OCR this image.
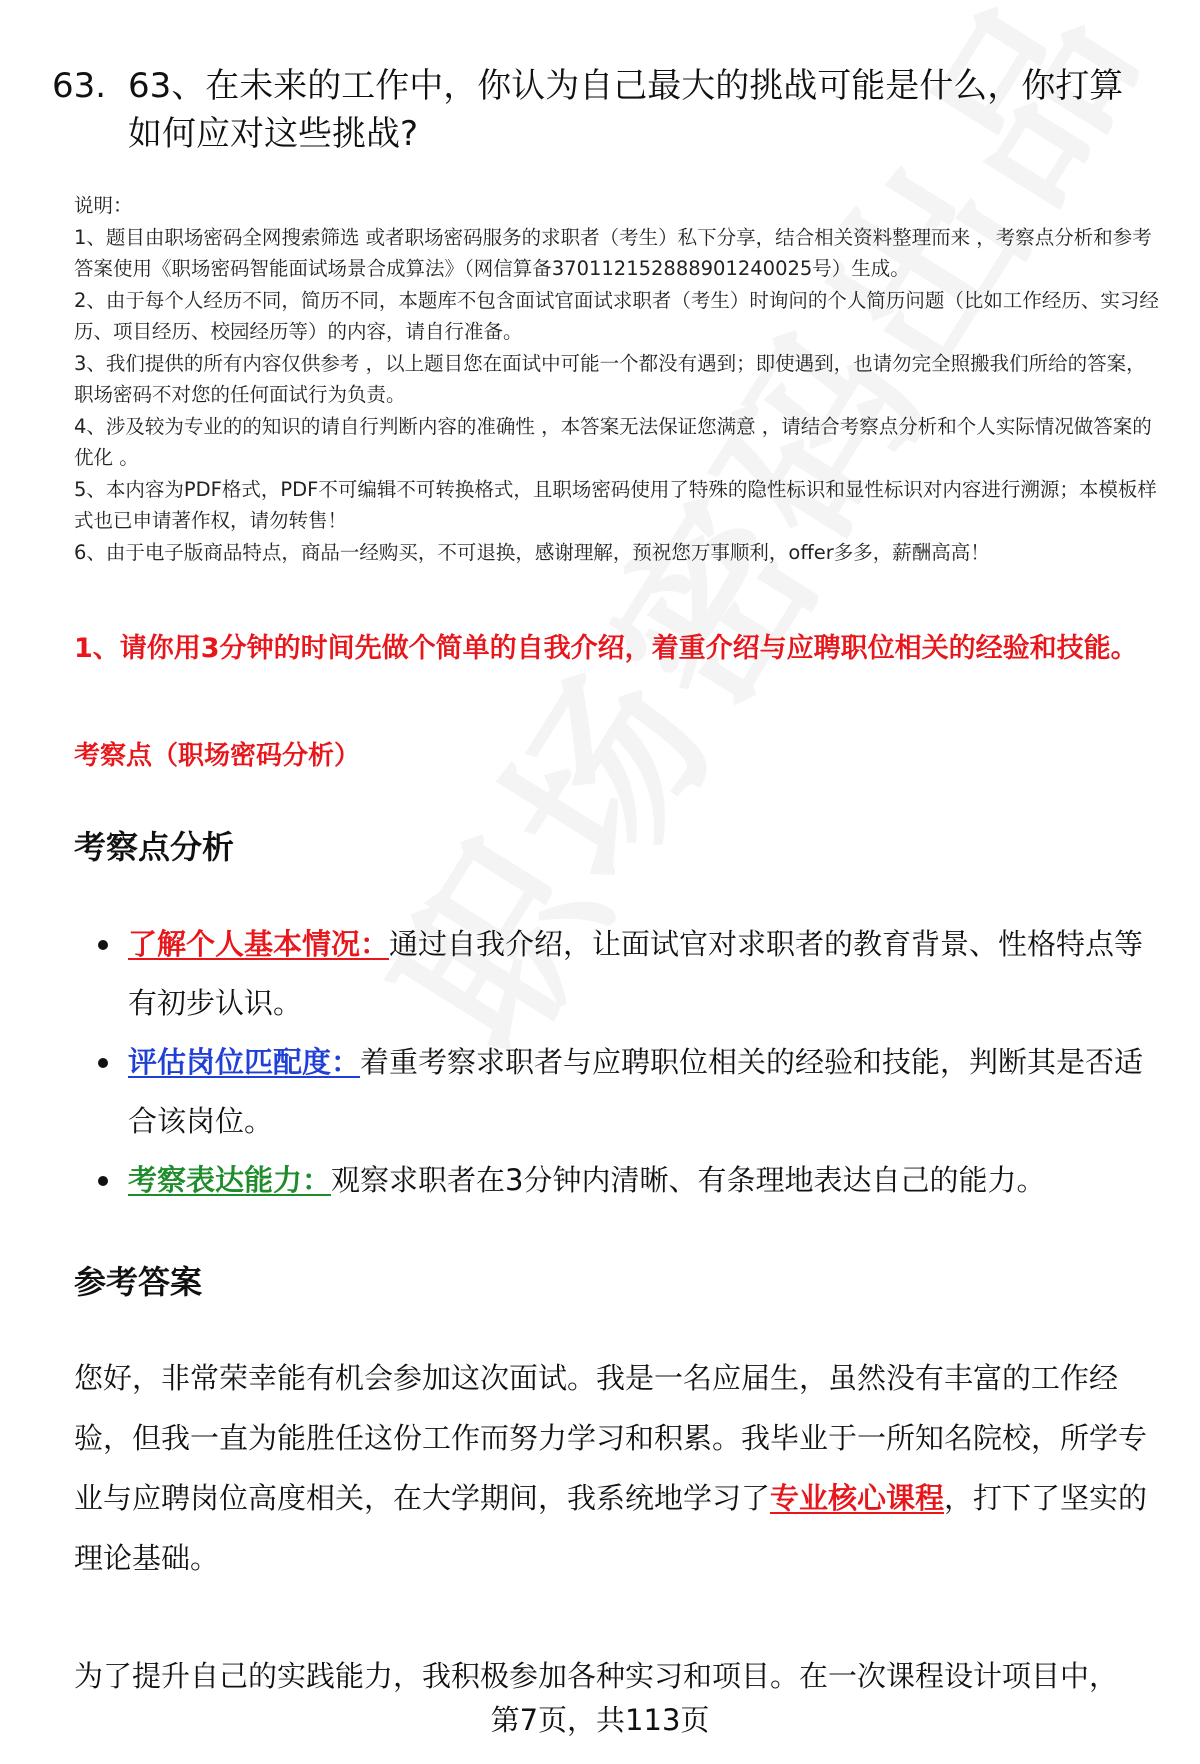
63. 63、在未来的工作中，你认为自己最大的挑战可能是什么，你打算如何应对这些挑战?

说明：

1、题目由职场密码全网搜索筛选 或者职场密码服务的求职者（考生）私下分享，结合相关资料整理而来 ，考察点分析和参考答案使用《职场密码智能面试场景合成算法》（网信算备370112152888901240025号）生成。

2、由于每个人经历不同，简历不同，本题库不包含面试官面试求职者（考生）时询问的个人简历问题（比如工作经历、实习经历、项目经历、校园经历等）的内容，请自行准备。

3、我们提供的所有内容仅供参考 ，以上题目您在面试中可能一个都没有遇到；即使遇到，也请勿完全照搬我们所给的答案，职场密码不对您的任何面试行为负责。

4、涉及较为专业的的知识的请自行判断内容的准确性 ，本答案无法保证您满意 ，请结合考察点分析和个人实际情况做答案的优化 。

5、本内容为PDF格式，PDF不可编辑不可转换格式，且职场密码使用了特殊的隐性标识和显性标识对内容进行溯源；本模板样式也已申请著作权，请勿转售！

6、由于电子版商品特点，商品一经购买，不可退换，感谢理解，预祝您万事顺利，offer多多，薪酬高高！

1、请你用3分钟的时间先做个简单的自我介绍，着重介绍与应聘职位相关的经验和技能。
考察点（职场密码分析）
考察点分析
了解个人基本情况：通过自我介绍，让面试官对求职者的教育背景、性格特点等有初步认识。
评估岗位匹配度：着重考察求职者与应聘职位相关的经验和技能，判断其是否适合该岗位。
考察表达能力：观察求职者在3分钟内清晰、有条理地表达自己的能力。
参考答案

您好，非常荣幸能有机会参加这次面试。我是一名应届生，虽然没有丰富的工作经验，但我一直为能胜任这份工作而努力学习和积累。我毕业于一所知名院校，所学专业与应聘岗位高度相关，在大学期间，我系统地学习了专业核心课程，打下了坚实的理论基础。

为了提升自己的实践能力，我积极参加各种实习和项目。在一次课程设计项目中，

第7页，共113页
